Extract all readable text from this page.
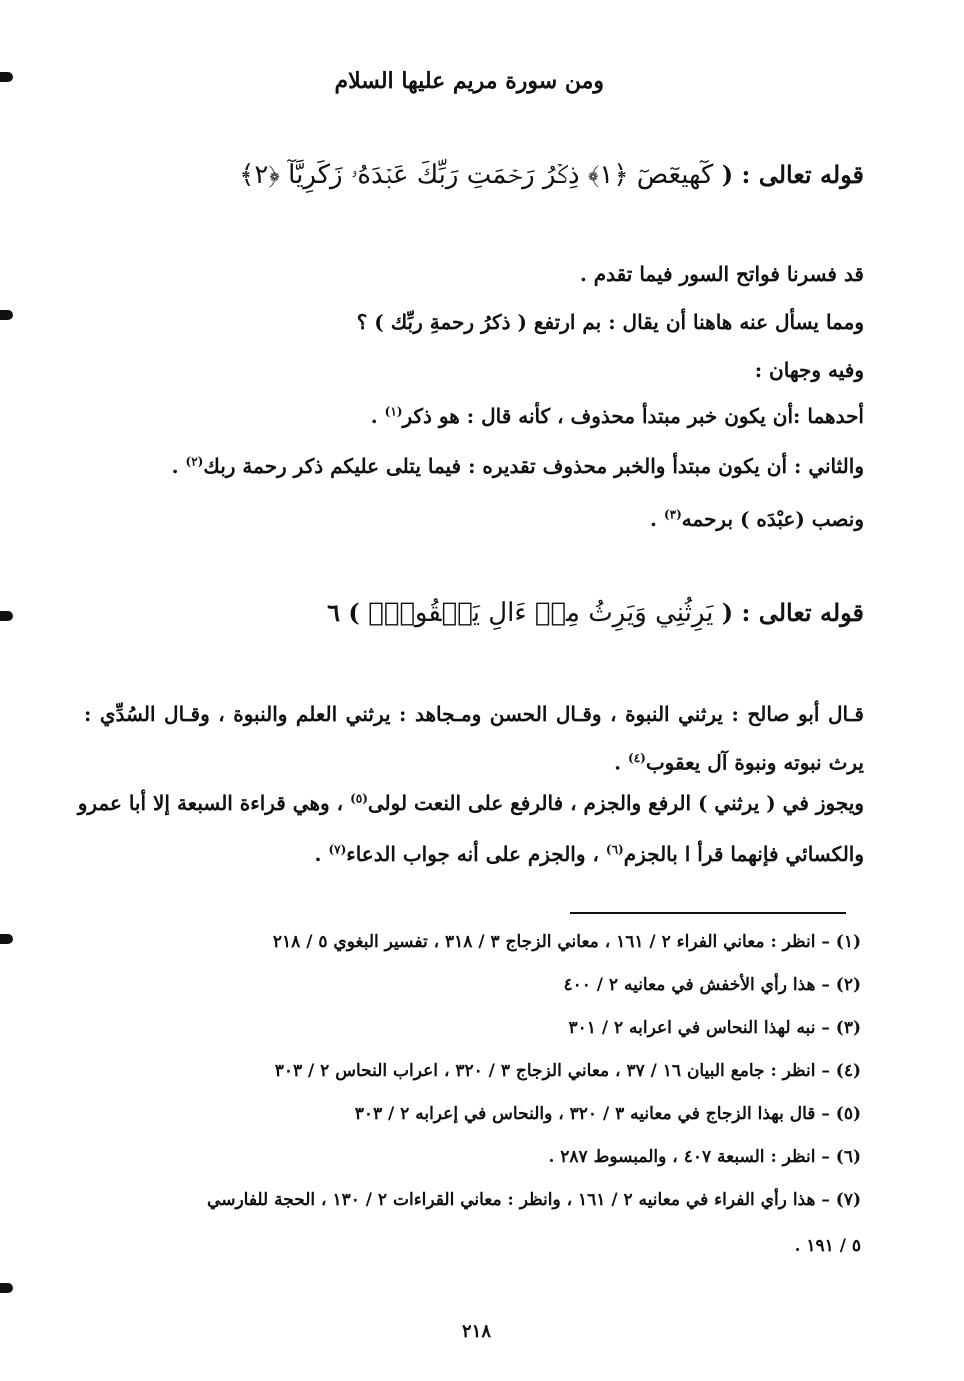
ومن سورة مريم عليها السلام
قوله تعالى : ( كٓهيعٓصٓ ﴿١﴾ ذِكۡرُ رَحۡمَتِ رَبِّكَ عَبۡدَهُۥ زَكَرِيَّآ ﴿٢﴾
قد فسرنا فواتح السور فيما تقدم .
ومما يسأل عنه هاهنا أن يقال : بم ارتفع ( ذكرُ رحمةِ ربِّك ) ؟
وفيه وجهان :
أحدهما :أن يكون خبر مبتدأ محذوف ، كأنه قال : هو ذكر$^{(١)}$ .
والثاني : أن يكون مبتدأ والخبر محذوف تقديره : فيما يتلى عليكم ذكر رحمة ربك$^{(٢)}$ .
ونصب (عبْدَه ) برحمه$^{(٣)}$ .
قوله تعالى : ( يَرِثُنِي وَيَرِثُ مِنۡ ءَالِ يَعۡقُوبَۖ ) ٦
قـال أبو صالح : يرثني النبوة ، وقـال الحسن ومـجاهد : يرثني العلم والنبوة ، وقـال السُدِّي : يرث نبوته ونبوة آل يعقوب$^{(٤)}$ .
ويجوز في ( يرثني ) الرفع والجزم ، فالرفع على النعت لولى$^{(٥)}$ ، وهي قراءة السبعة إلا أبا عمرو
والكسائي فإنهما قرأ ا بالجزم$^{(٦)}$ ، والجزم على أنه جواب الدعاء$^{(٧)}$ .
(١) – انظر : معاني الفراء ٢ / ١٦١ ، معاني الزجاج ٣ / ٣١٨ ، تفسير البغوي ٥ / ٢١٨
(٢) – هذا رأي الأخفش في معانيه ٢ / ٤٠٠
(٣) – نبه لهذا النحاس في اعرابه ٢ / ٣٠١
(٤) – انظر : جامع البيان ١٦ / ٣٧ ، معاني الزجاج ٣ / ٣٢٠ ، اعراب النحاس ٢ / ٣٠٣
(٥) – قال بهذا الزجاج في معانيه ٣ / ٣٢٠ ، والنحاس في إعرابه ٢ / ٣٠٣
(٦) – انظر : السبعة ٤٠٧ ، والمبسوط ٢٨٧ .
(٧) – هذا رأي الفراء في معانيه ٢ / ١٦١ ، وانظر : معاني القراءات ٢ / ١٣٠ ، الحجة للفارسي
٥ / ١٩١ .
٢١٨
